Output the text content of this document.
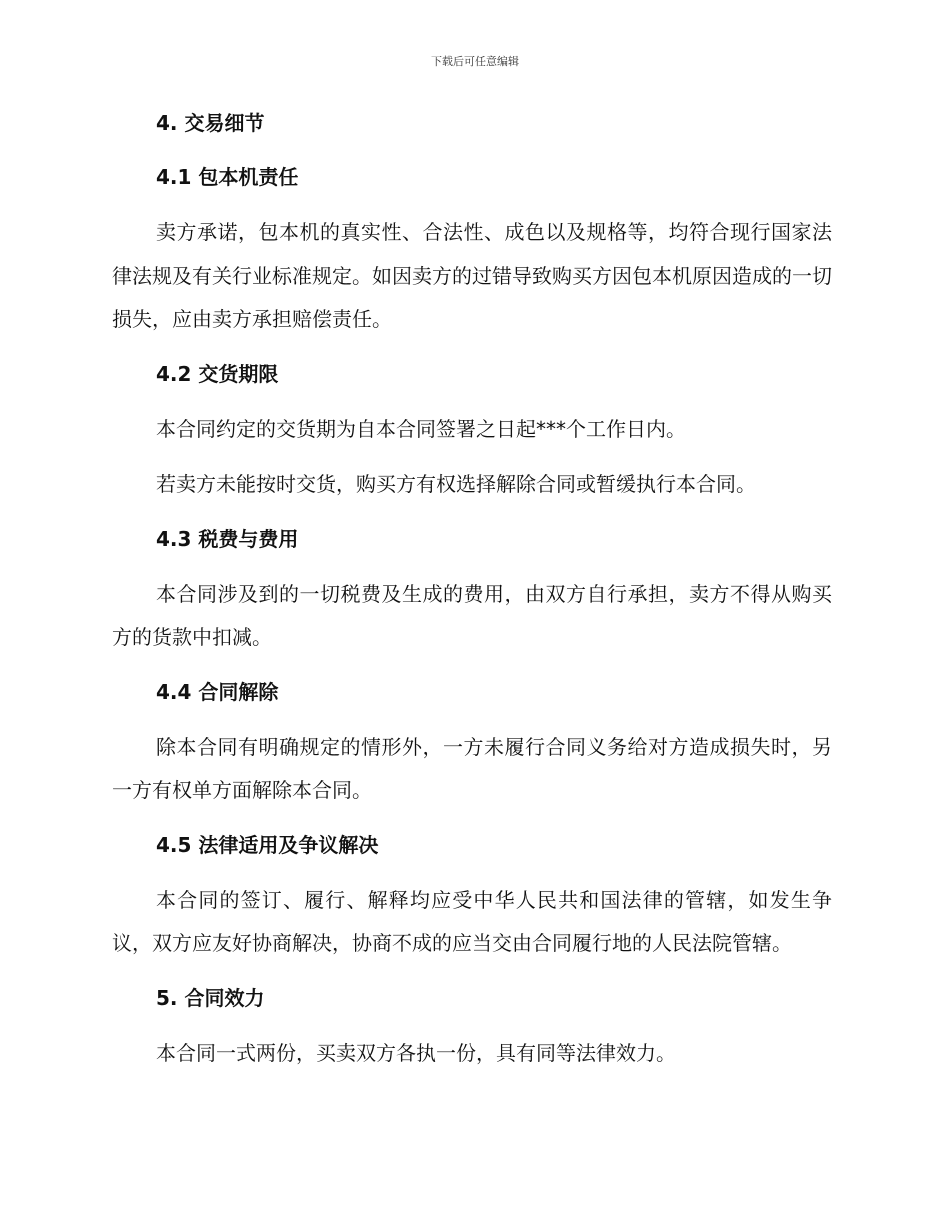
下载后可任意编辑
4. 交易细节
4.1 包本机责任

卖方承诺，包本机的真实性、合法性、成色以及规格等，均符合现行国家法律法规及有关行业标准规定。如因卖方的过错导致购买方因包本机原因造成的一切损失，应由卖方承担赔偿责任。

4.2 交货期限

本合同约定的交货期为自本合同签署之日起***个工作日内。

若卖方未能按时交货，购买方有权选择解除合同或暂缓执行本合同。

4.3 税费与费用

本合同涉及到的一切税费及生成的费用，由双方自行承担，卖方不得从购买方的货款中扣减。

4.4 合同解除

除本合同有明确规定的情形外，一方未履行合同义务给对方造成损失时，另一方有权单方面解除本合同。

4.5 法律适用及争议解决

本合同的签订、履行、解释均应受中华人民共和国法律的管辖，如发生争议，双方应友好协商解决，协商不成的应当交由合同履行地的人民法院管辖。

5. 合同效力

本合同一式两份，买卖双方各执一份，具有同等法律效力。
